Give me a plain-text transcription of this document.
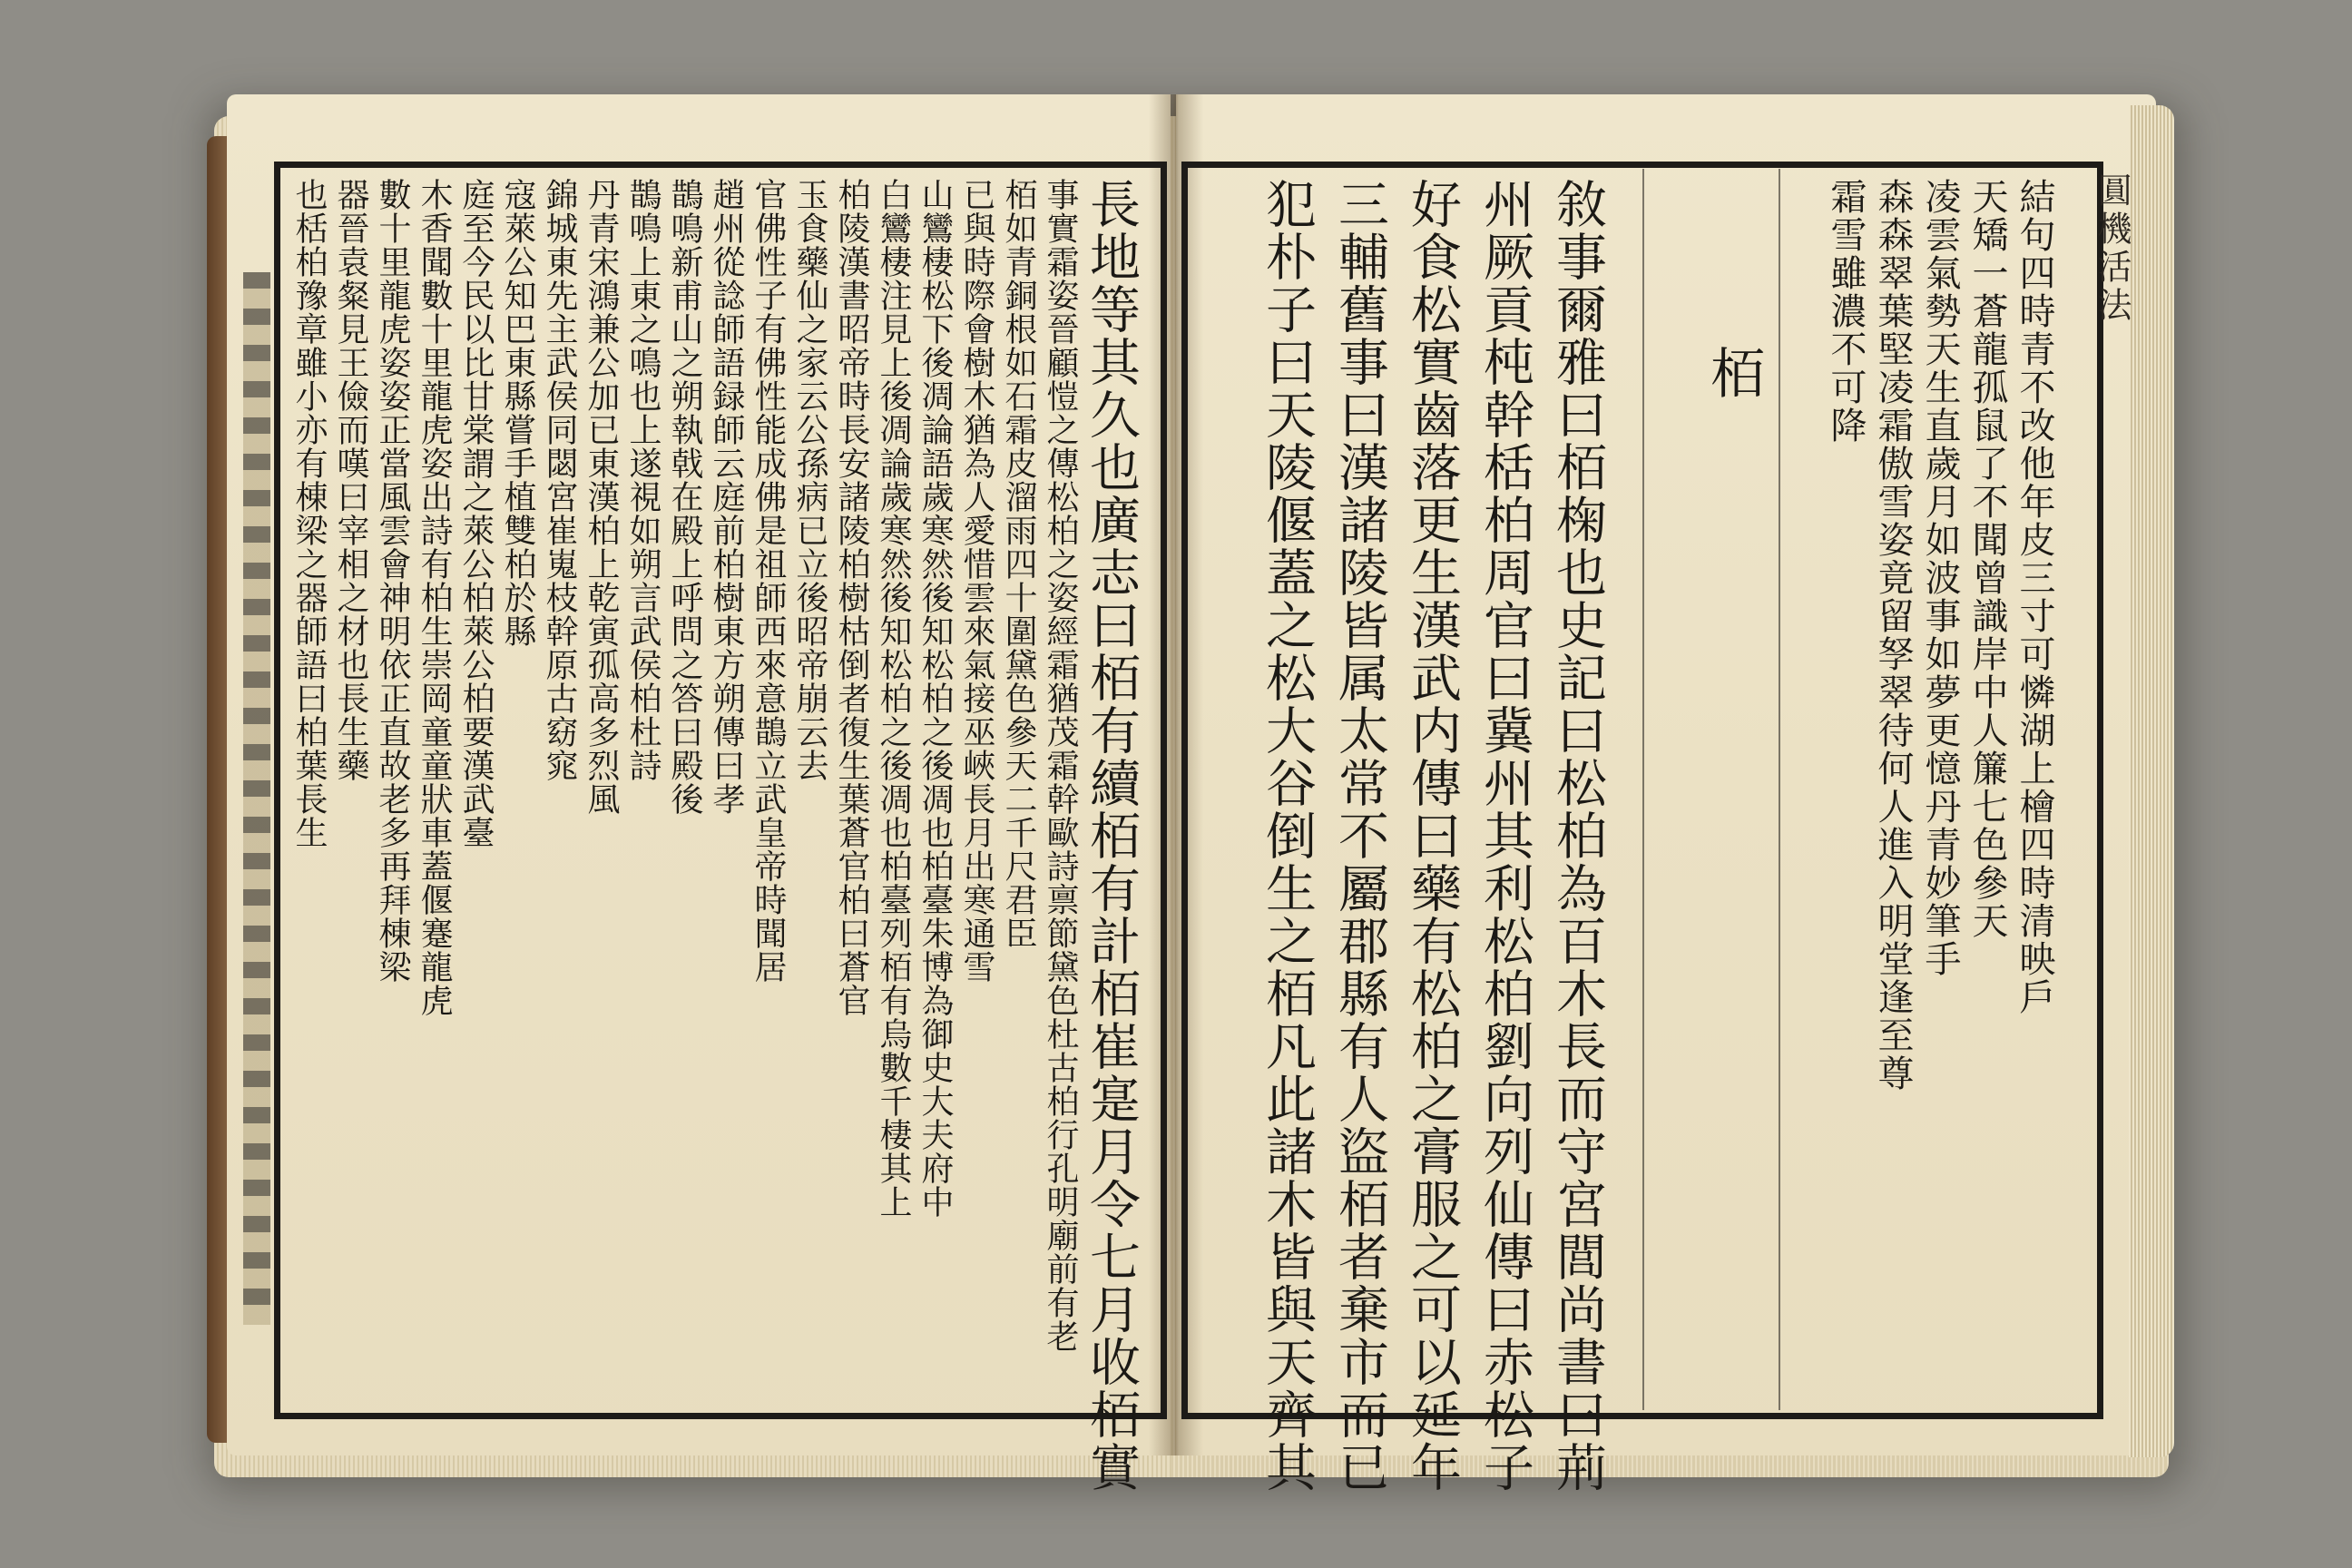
圓機活法
長地等其久也廣志曰栢有續栢有計栢崔寔月令七月收栢實
事實霜姿晉顧愷之傳松柏之姿經霜猶茂霜幹歐詩禀節黛色杜古柏行孔明廟前有老
栢如青銅根如石霜皮溜雨四十圍黛色參天二千尺君臣
已與時際會樹木猶為人愛惜雲來氣接巫峽長月出寒通雪
山鸞棲松下後凋論語歲寒然後知松柏之後凋也柏臺朱博為御史大夫府中
白鸞棲注見上後凋論歲寒然後知松柏之後凋也柏臺列栢有烏數千棲其上
柏陵漢書昭帝時長安諸陵柏樹枯倒者復生葉蒼官柏曰蒼官
玉食藥仙之家云公孫病已立後昭帝崩云去
官佛性子有佛性能成佛是祖師西來意鵲立武皇帝時聞居
趙州從諗師語録師云庭前柏樹東方朔傳曰孝
鵲鳴新甫山之朔執戟在殿上呼問之答曰殿後
鵲鳴上東之鳴也上遂視如朔言武侯柏杜詩
丹青宋鴻兼公加已東漢柏上乾寅孤高多烈風
錦城東先主武侯同閟宮崔嵬枝幹原古窈窕
寇萊公知巴東縣嘗手植雙柏於縣
庭至今民以比甘棠謂之萊公柏萊公柏要漢武臺
木香聞數十里龍虎姿出詩有柏生崇岡童童狀車蓋偃蹇龍虎
數十里龍虎姿姿正當風雲會神明依正直故老多再拜棟梁
器晉袁粲見王儉而嘆曰宰相之材也長生藥
也栝柏豫章雖小亦有棟梁之器師語曰柏葉長生	結句四時青不改他年皮三寸可憐湖上檜四時清映戶
天矯一蒼龍孤鼠了不聞曾識岸中人簾七色參天
凌雲氣勢天生直歲月如波事如夢更憶丹青妙筆手
森森翠葉堅凌霜傲雪姿竟留孥翠待何人進入明堂逢至尊
霜雪雖濃不可降
栢
敘事爾雅曰栢椈也史記曰松柏為百木長而守宮閭尚書曰荊
州厥貢杶幹栝柏周官曰冀州其利松柏劉向列仙傳曰赤松子
好食松實齒落更生漢武内傳曰藥有松柏之膏服之可以延年
三輔舊事曰漢諸陵皆属太常不屬郡縣有人盜栢者棄市而已
犯朴子曰天陵偃蓋之松大谷倒生之栢凡此諸木皆與天齊其
